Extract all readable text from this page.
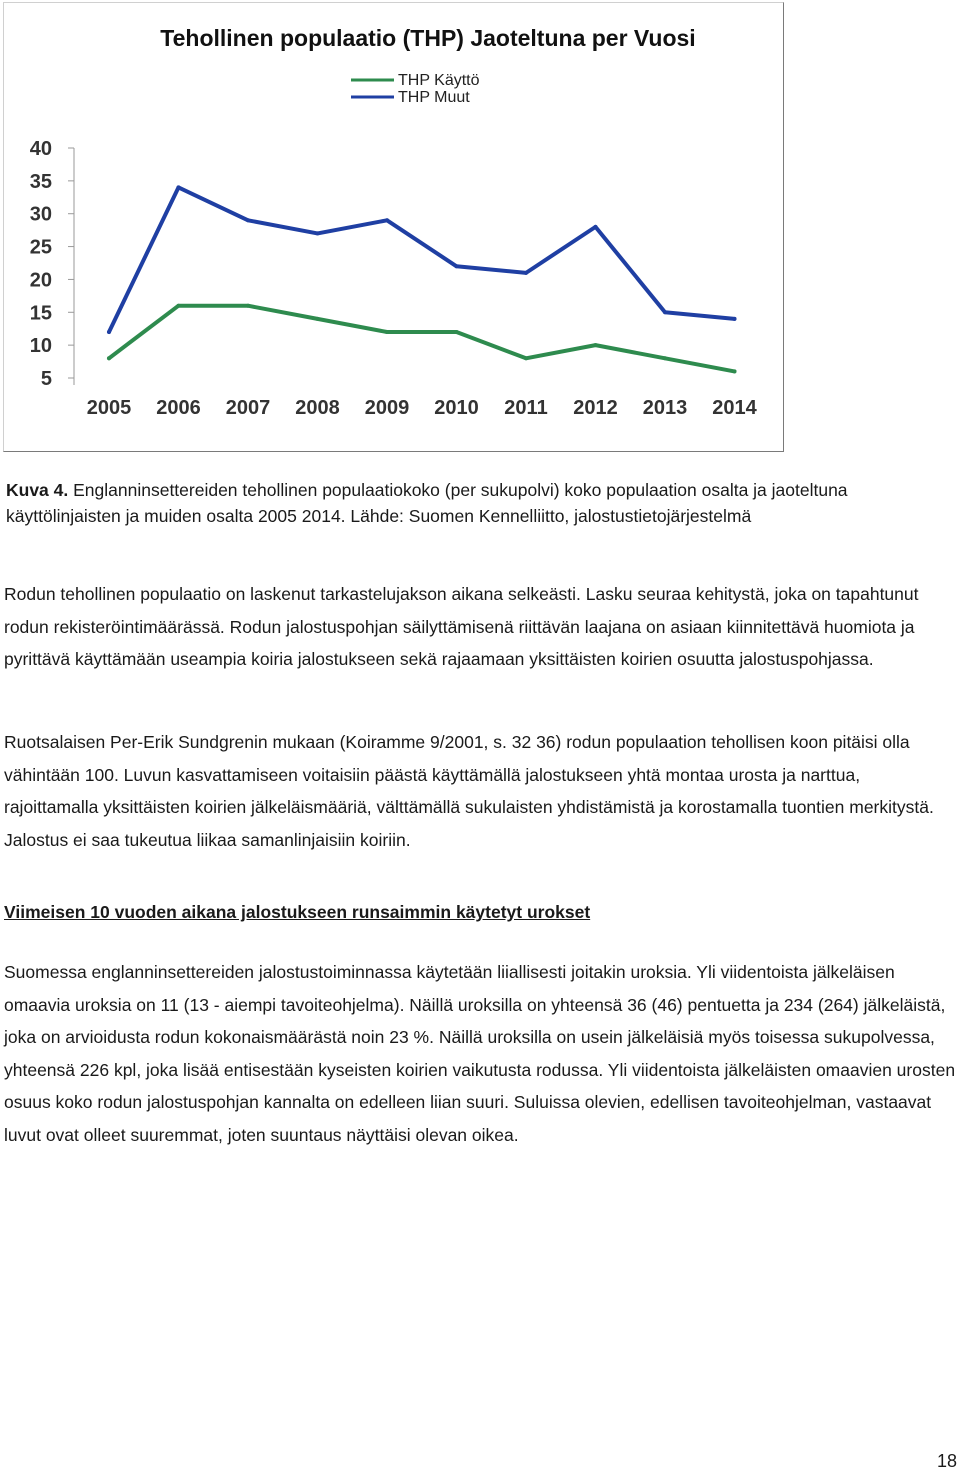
Tehollinen populaatio (THP) Jaoteltuna per Vuosi
THP Käyttö
THP Muut
40
35
30
25
20
15
10
5
2005 2006 2007 2008 2009 2010 2011 2012 2013 2014
Kuva 4. Englanninsettereiden tehollinen populaatiokoko (per sukupolvi) koko populaation osalta ja jaoteltuna käyttölinjaisten ja muiden osalta 2005 2014. Lähde: Suomen Kennelliitto, jalostustietojärjestelmä

Rodun tehollinen populaatio on laskenut tarkastelujakson aikana selkeästi. Lasku seuraa kehitystä, joka on tapahtunut rodun rekisteröintimäärässä. Rodun jalostuspohjan säilyttämisenä riittävän laajana on asiaan kiinnitettävä huomiota ja pyrittävä käyttämään useampia koiria jalostukseen sekä rajaamaan yksittäisten koirien osuutta jalostuspohjassa.

Ruotsalaisen Per-Erik Sundgrenin mukaan (Koiramme 9/2001, s. 32 36) rodun populaation tehollisen koon pitäisi olla vähintään 100. Luvun kasvattamiseen voitaisiin päästä käyttämällä jalostukseen yhtä montaa urosta ja narttua, rajoittamalla yksittäisten koirien jälkeläismääriä, välttämällä sukulaisten yhdistämistä ja korostamalla tuontien merkitystä. Jalostus ei saa tukeutua liikaa samanlinjaisiin koiriin.

Viimeisen 10 vuoden aikana jalostukseen runsaimmin käytetyt urokset

Suomessa englanninsettereiden jalostustoiminnassa käytetään liiallisesti joitakin uroksia. Yli viidentoista jälkeläisen omaavia uroksia on 11 (13 - aiempi tavoiteohjelma). Näillä uroksilla on yhteensä 36 (46) pentuetta ja 234 (264) jälkeläistä, joka on arvioidusta rodun kokonaismäärästä noin 23 %. Näillä uroksilla on usein jälkeläisiä myös toisessa sukupolvessa, yhteensä 226 kpl, joka lisää entisestään kyseisten koirien vaikutusta rodussa. Yli viidentoista jälkeläisten omaavien urosten osuus koko rodun jalostuspohjan kannalta on edelleen liian suuri. Suluissa olevien, edellisen tavoiteohjelman, vastaavat luvut ovat olleet suuremmat, joten suuntaus näyttäisi olevan oikea.

18
